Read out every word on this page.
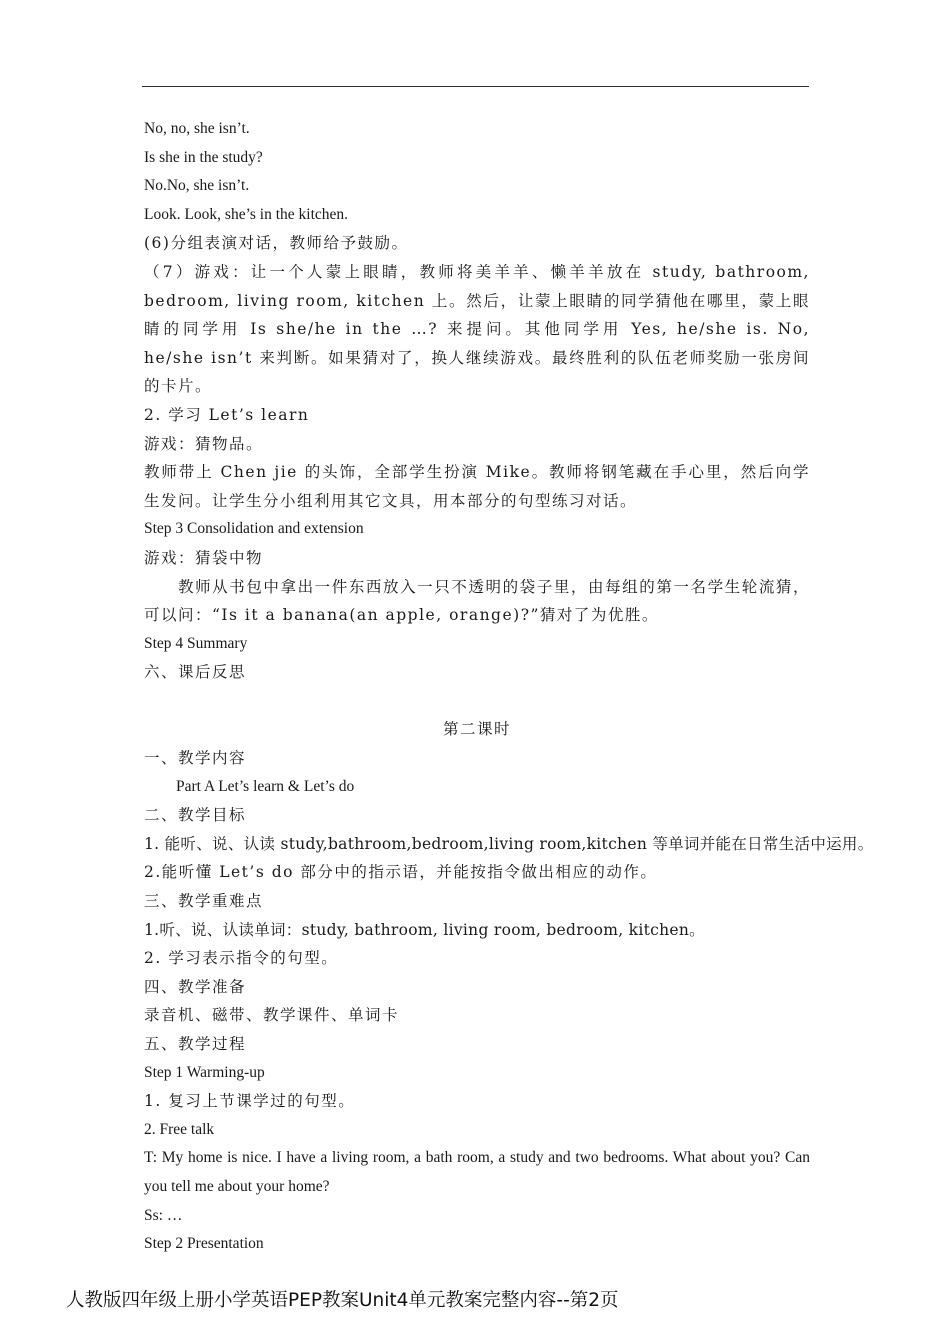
No, no, she isn’t.

Is she in the study?

No.No, she isn’t.

Look. Look, she’s in the kitchen.

(6)分组表演对话，教师给予鼓励。

（7）游戏：让一个人蒙上眼睛，教师将美羊羊、懒羊羊放在 study, bathroom, bedroom, living room, kitchen 上。然后，让蒙上眼睛的同学猜他在哪里，蒙上眼睛的同学用 Is she/he in the …? 来提问。其他同学用 Yes, he/she is. No, he/she isn’t 来判断。如果猜对了，换人继续游戏。最终胜利的队伍老师奖励一张房间的卡片。

2. 学习 Let’s learn

游戏：猜物品。

教师带上 Chen jie 的头饰，全部学生扮演 Mike。教师将钢笔藏在手心里，然后向学生发问。让学生分小组利用其它文具，用本部分的句型练习对话。

Step 3 Consolidation and extension

游戏：猜袋中物

教师从书包中拿出一件东西放入一只不透明的袋子里，由每组的第一名学生轮流猜，可以问：“Is it a banana(an apple, orange)?”猜对了为优胜。

Step 4 Summary

六、课后反思

第二课时

一、教学内容

Part A Let’s learn & Let’s do

二、教学目标

1. 能听、说、认读 study,bathroom,bedroom,living room,kitchen 等单词并能在日常生活中运用。

2.能听懂 Let’s do 部分中的指示语，并能按指令做出相应的动作。

三、教学重难点

1.听、说、认读单词：study, bathroom, living room, bedroom, kitchen。

2. 学习表示指令的句型。

四、教学准备

录音机、磁带、教学课件、单词卡

五、教学过程

Step 1 Warming-up

1. 复习上节课学过的句型。

2. Free talk

T: My home is nice. I have a living room, a bath room, a study and two bedrooms. What about you? Can you tell me about your home?

Ss: …

Step 2 Presentation

人教版四年级上册小学英语PEP教案Unit4单元教案完整内容--第2页
